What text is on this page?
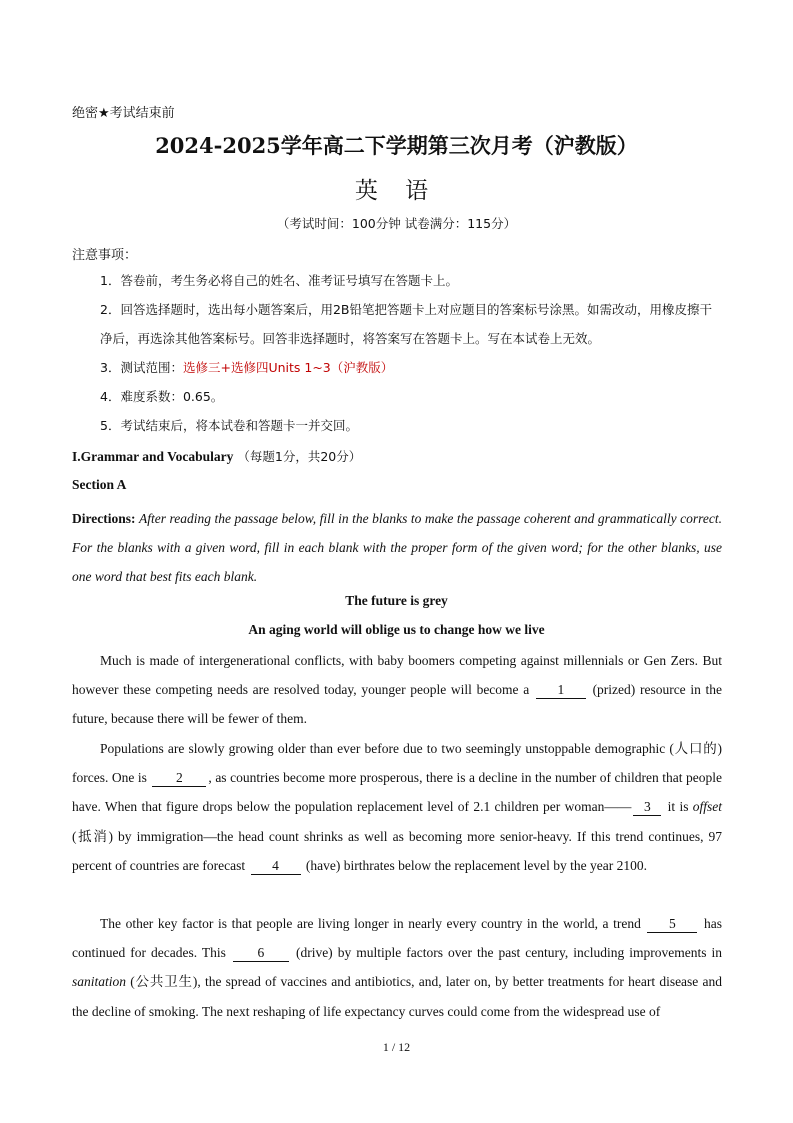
绝密★考试结束前
2024-2025学年高二下学期第三次月考（沪教版）
英 语
（考试时间：100分钟 试卷满分：115分）
注意事项：
1．答卷前，考生务必将自己的姓名、准考证号填写在答题卡上。
2．回答选择题时，选出每小题答案后，用2B铅笔把答题卡上对应题目的答案标号涂黑。如需改动，用橡皮擦干净后，再选涂其他答案标号。回答非选择题时，将答案写在答题卡上。写在本试卷上无效。
3．测试范围：选修三+选修四Units 1~3（沪教版）
4．难度系数：0.65。
5．考试结束后，将本试卷和答题卡一并交回。
I.Grammar and Vocabulary （每题1分，共20分）
Section A
Directions: After reading the passage below, fill in the blanks to make the passage coherent and grammatically correct. For the blanks with a given word, fill in each blank with the proper form of the given word; for the other blanks, use one word that best fits each blank.
The future is grey
An aging world will oblige us to change how we live
Much is made of intergenerational conflicts, with baby boomers competing against millennials or Gen Zers. But however these competing needs are resolved today, younger people will become a 1 (prized) resource in the future, because there will be fewer of them.
Populations are slowly growing older than ever before due to two seemingly unstoppable demographic (人口的) forces. One is 2 , as countries become more prosperous, there is a decline in the number of children that people have. When that figure drops below the population replacement level of 2.1 children per woman—— 3 it is offset (抵消) by immigration—the head count shrinks as well as becoming more senior-heavy. If this trend continues, 97 percent of countries are forecast 4 (have) birthrates below the replacement level by the year 2100.
The other key factor is that people are living longer in nearly every country in the world, a trend 5 has continued for decades. This 6 (drive) by multiple factors over the past century, including improvements in sanitation (公共卫生), the spread of vaccines and antibiotics, and, later on, by better treatments for heart disease and the decline of smoking. The next reshaping of life expectancy curves could come from the widespread use of
1 / 12
